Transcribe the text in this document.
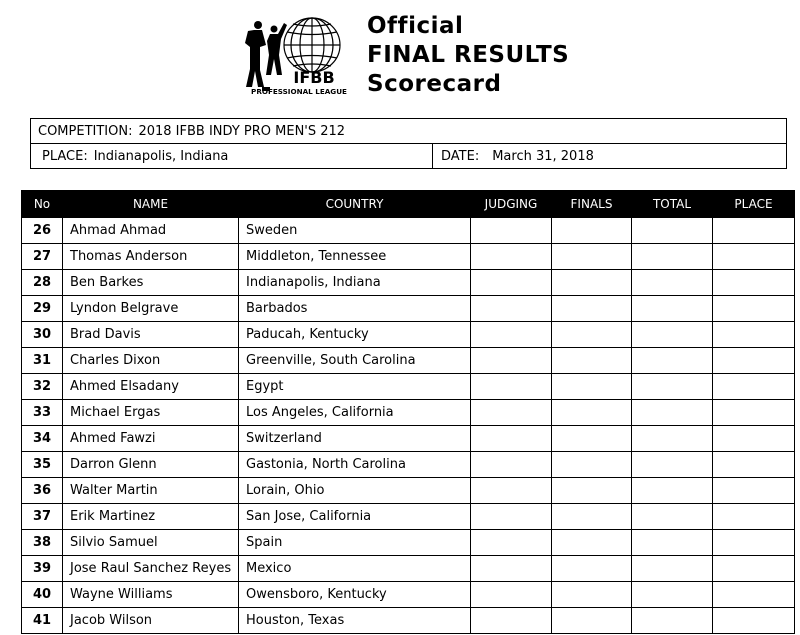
IFBB
PROFESSIONAL LEAGUE
Official
FINAL RESULTS
Scorecard
COMPETITION: 2018 IFBB INDY PRO MEN'S 212
PLACE: Indianapolis, Indiana	DATE: March 31, 2018
No	NAME	COUNTRY	JUDGING	FINALS	TOTAL	PLACE
26	Ahmad Ahmad	Sweden				
27	Thomas Anderson	Middleton, Tennessee				
28	Ben Barkes	Indianapolis, Indiana				
29	Lyndon Belgrave	Barbados				
30	Brad Davis	Paducah, Kentucky				
31	Charles Dixon	Greenville, South Carolina				
32	Ahmed Elsadany	Egypt				
33	Michael Ergas	Los Angeles, California				
34	Ahmed Fawzi	Switzerland				
35	Darron Glenn	Gastonia, North Carolina				
36	Walter Martin	Lorain, Ohio				
37	Erik Martinez	San Jose, California				
38	Silvio Samuel	Spain				
39	Jose Raul Sanchez Reyes	Mexico				
40	Wayne Williams	Owensboro, Kentucky				
41	Jacob Wilson	Houston, Texas				
